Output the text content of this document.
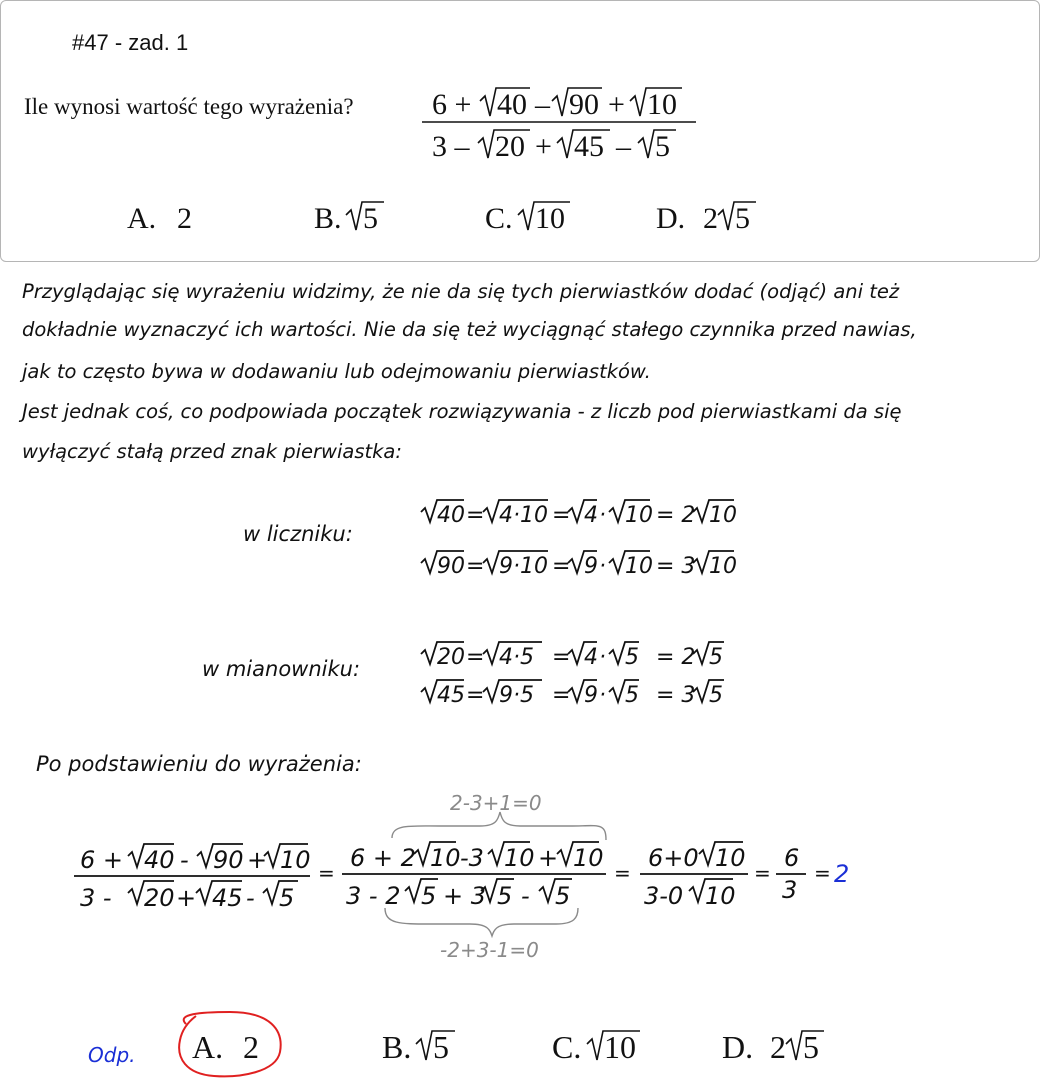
#47 - zad. 1
Ile wynosi wartość tego wyrażenia?
Przyglądając się wyrażeniu widzimy, że nie da się tych pierwiastków dodać (odjąć) ani też
dokładnie wyznaczyć ich wartości. Nie da się też wyciągnąć stałego czynnika przed nawias,
jak to często bywa w dodawaniu lub odejmowaniu pierwiastków.
Jest jednak coś, co podpowiada początek rozwiązywania - z liczb pod pierwiastkami da się
wyłączyć stałą przed znak pierwiastka:
w liczniku:
w mianowniku:
Po podstawieniu do wyrażenia:
6 + 40 – 90 + 10
3 – 20 + 45 – 5
A. 2	B. 5	C. 10	D. 2 5
40 = 4·10 = 4 · 10 = 2 10
90 = 9·10 = 9 · 10 = 3 10
20 = 4·5 = 4 · 5 = 2 5
45 = 9·5 = 9 · 5 = 3 5
2-3+1=0
-2+3-1=0
6 + 40 - 90 + 10
3 - 20 + 45 - 5
=
6 + 2 10 -3 10 + 10
3 - 2 5 + 3 5 - 5
=
6+0 10
3-0 10
=
6
3
= 2
Odp. A. 2	B. 5	C. 10	D. 2 5
